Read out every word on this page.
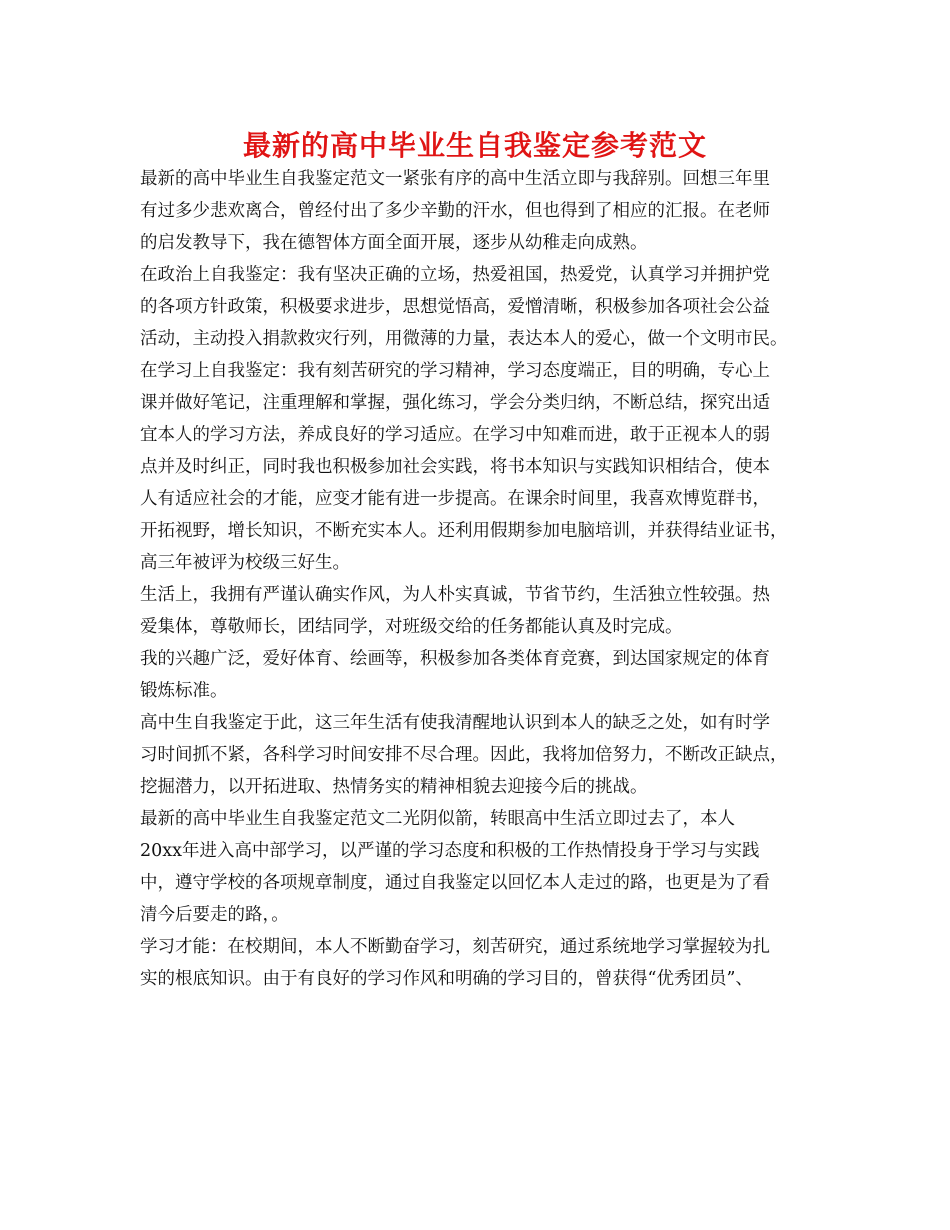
最新的高中毕业生自我鉴定参考范文

最新的高中毕业生自我鉴定范文一紧张有序的高中生活立即与我辞别。回想三年里
有过多少悲欢离合，曾经付出了多少辛勤的汗水，但也得到了相应的汇报。在老师
的启发教导下，我在德智体方面全面开展，逐步从幼稚走向成熟。

在政治上自我鉴定：我有坚决正确的立场，热爱祖国，热爱党，认真学习并拥护党
的各项方针政策，积极要求进步，思想觉悟高，爱憎清晰，积极参加各项社会公益
活动，主动投入捐款救灾行列，用微薄的力量，表达本人的爱心，做一个文明市民。

在学习上自我鉴定：我有刻苦研究的学习精神，学习态度端正，目的明确，专心上
课并做好笔记，注重理解和掌握，强化练习，学会分类归纳，不断总结，探究出适
宜本人的学习方法，养成良好的学习适应。在学习中知难而进，敢于正视本人的弱
点并及时纠正，同时我也积极参加社会实践，将书本知识与实践知识相结合，使本
人有适应社会的才能，应变才能有进一步提高。在课余时间里，我喜欢博览群书，
开拓视野，增长知识，不断充实本人。还利用假期参加电脑培训，并获得结业证书，
高三年被评为校级三好生。

生活上，我拥有严谨认确实作风，为人朴实真诚，节省节约，生活独立性较强。热
爱集体，尊敬师长，团结同学，对班级交给的任务都能认真及时完成。

我的兴趣广泛，爱好体育、绘画等，积极参加各类体育竞赛，到达国家规定的体育
锻炼标准。

高中生自我鉴定于此，这三年生活有使我清醒地认识到本人的缺乏之处，如有时学
习时间抓不紧，各科学习时间安排不尽合理。因此，我将加倍努力，不断改正缺点，
挖掘潜力，以开拓进取、热情务实的精神相貌去迎接今后的挑战。

最新的高中毕业生自我鉴定范文二光阴似箭，转眼高中生活立即过去了，本人
20xx年进入高中部学习，以严谨的学习态度和积极的工作热情投身于学习与实践
中，遵守学校的各项规章制度，通过自我鉴定以回忆本人走过的路，也更是为了看
清今后要走的路，。

学习才能：在校期间，本人不断勤奋学习，刻苦研究，通过系统地学习掌握较为扎
实的根底知识。由于有良好的学习作风和明确的学习目的，曾获得“优秀团员”、
